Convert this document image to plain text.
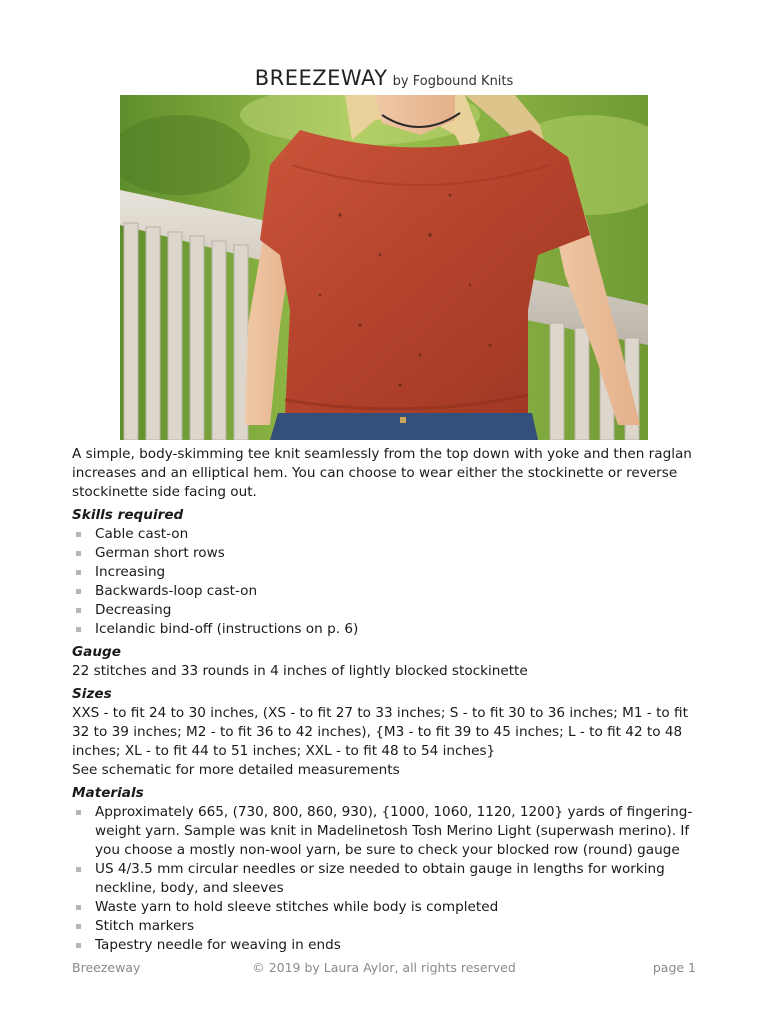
BREEZEWAY by Fogbound Knits

A simple, body-skimming tee knit seamlessly from the top down with yoke and then raglan increases and an elliptical hem. You can choose to wear either the stockinette or reverse stockinette side facing out.

Skills required

Cable cast-on
German short rows
Increasing
Backwards-loop cast-on
Decreasing
Icelandic bind-off (instructions on p. 6)

Gauge

22 stitches and 33 rounds in 4 inches of lightly blocked stockinette

Sizes

XXS - to fit 24 to 30 inches, (XS - to fit 27 to 33 inches; S - to fit 30 to 36 inches; M1 - to fit 32 to 39 inches; M2 - to fit 36 to 42 inches), {M3 - to fit 39 to 45 inches; L - to fit 42 to 48 inches; XL - to fit 44 to 51 inches; XXL - to fit 48 to 54 inches}

See schematic for more detailed measurements

Materials

Approximately 665, (730, 800, 860, 930), {1000, 1060, 1120, 1200} yards of fingering-weight yarn. Sample was knit in Madelinetosh Tosh Merino Light (superwash merino). If you choose a mostly non-wool yarn, be sure to check your blocked row (round) gauge
US 4/3.5 mm circular needles or size needed to obtain gauge in lengths for working neckline, body, and sleeves
Waste yarn to hold sleeve stitches while body is completed
Stitch markers
Tapestry needle for weaving in ends
Breezeway	© 2019 by Laura Aylor, all rights reserved	page 1
